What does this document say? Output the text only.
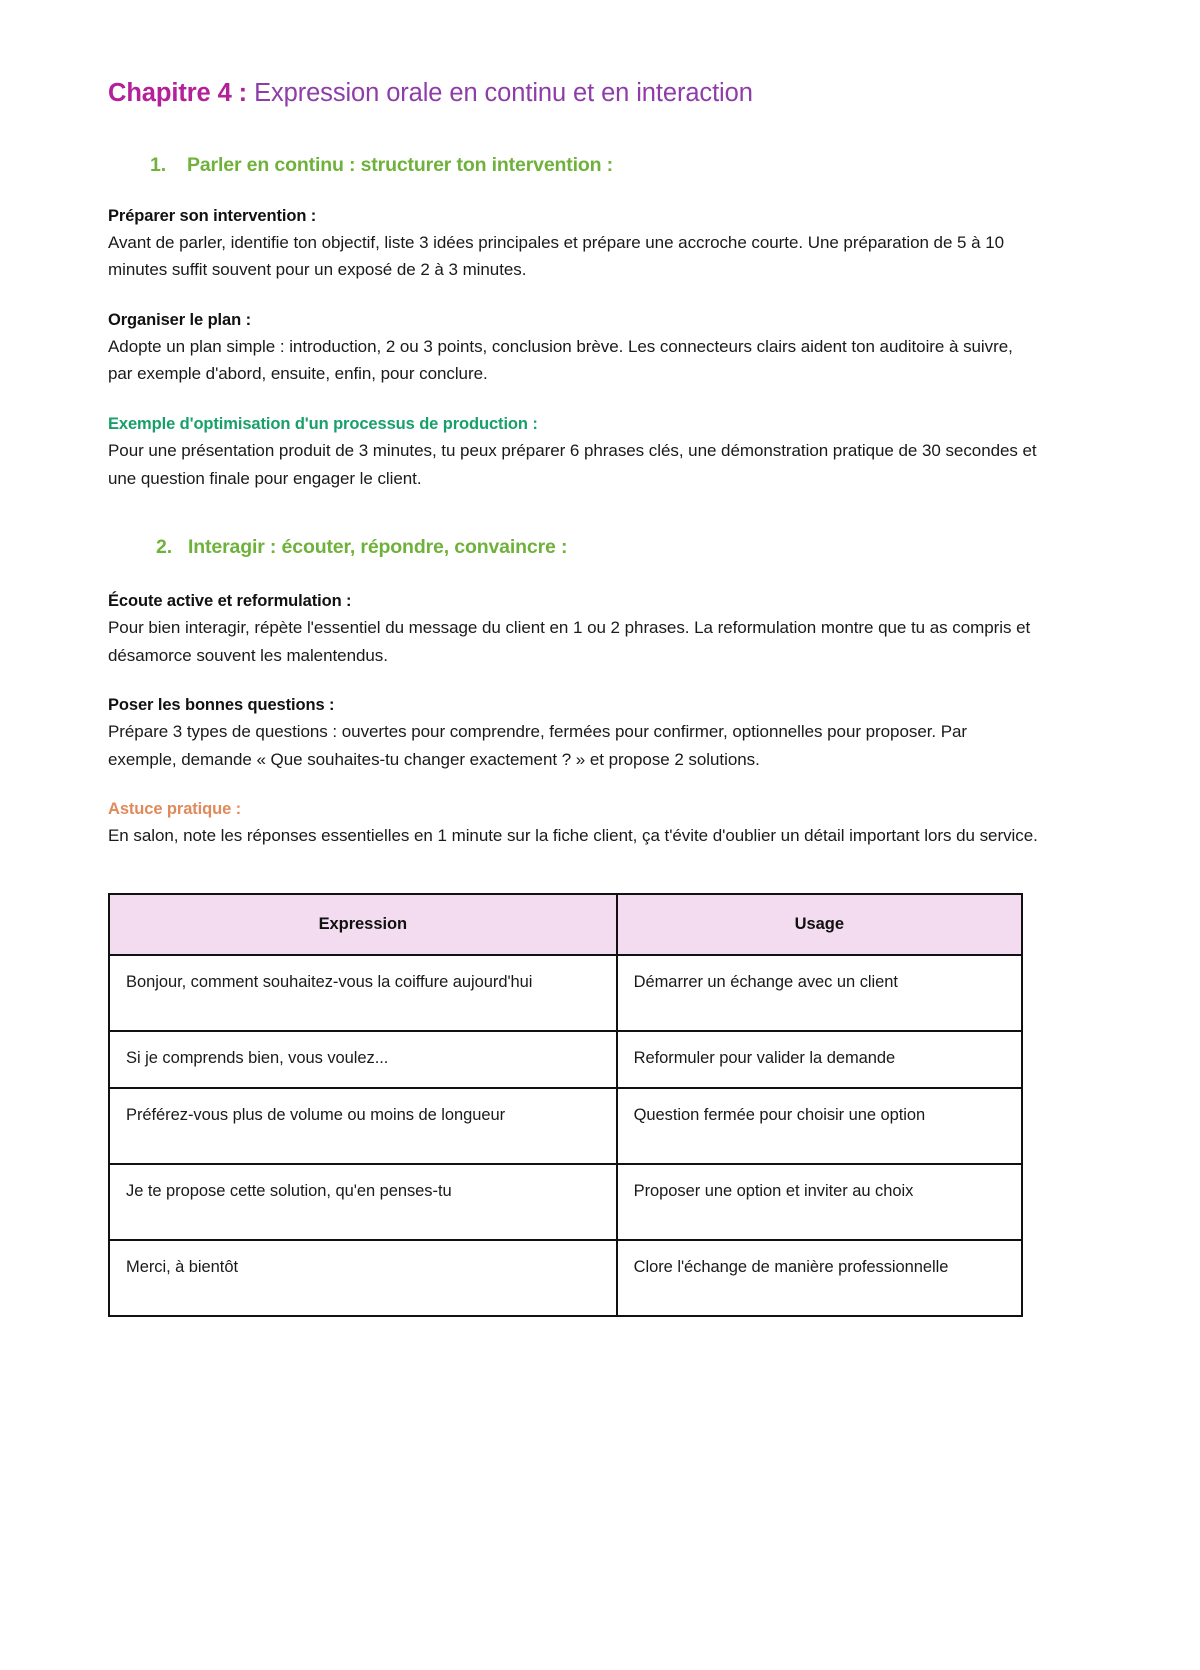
Chapitre 4 : Expression orale en continu et en interaction
1.	Parler en continu : structurer ton intervention :

Préparer son intervention :

Avant de parler, identifie ton objectif, liste 3 idées principales et prépare une accroche courte. Une préparation de 5 à 10 minutes suffit souvent pour un exposé de 2 à 3 minutes.

Organiser le plan :

Adopte un plan simple : introduction, 2 ou 3 points, conclusion brève. Les connecteurs clairs aident ton auditoire à suivre, par exemple d'abord, ensuite, enfin, pour conclure.

Exemple d'optimisation d'un processus de production :

Pour une présentation produit de 3 minutes, tu peux préparer 6 phrases clés, une démonstration pratique de 30 secondes et une question finale pour engager le client.

2. Interagir : écouter, répondre, convaincre :

Écoute active et reformulation :

Pour bien interagir, répète l'essentiel du message du client en 1 ou 2 phrases. La reformulation montre que tu as compris et désamorce souvent les malentendus.

Poser les bonnes questions :

Prépare 3 types de questions : ouvertes pour comprendre, fermées pour confirmer, optionnelles pour proposer. Par exemple, demande « Que souhaites-tu changer exactement ? » et propose 2 solutions.

Astuce pratique :

En salon, note les réponses essentielles en 1 minute sur la fiche client, ça t'évite d'oublier un détail important lors du service.

Expression	Usage
Bonjour, comment souhaitez-vous la coiffure aujourd'hui	Démarrer un échange avec un client
Si je comprends bien, vous voulez...	Reformuler pour valider la demande
Préférez-vous plus de volume ou moins de longueur	Question fermée pour choisir une option
Je te propose cette solution, qu'en penses-tu	Proposer une option et inviter au choix
Merci, à bientôt	Clore l'échange de manière professionnelle
